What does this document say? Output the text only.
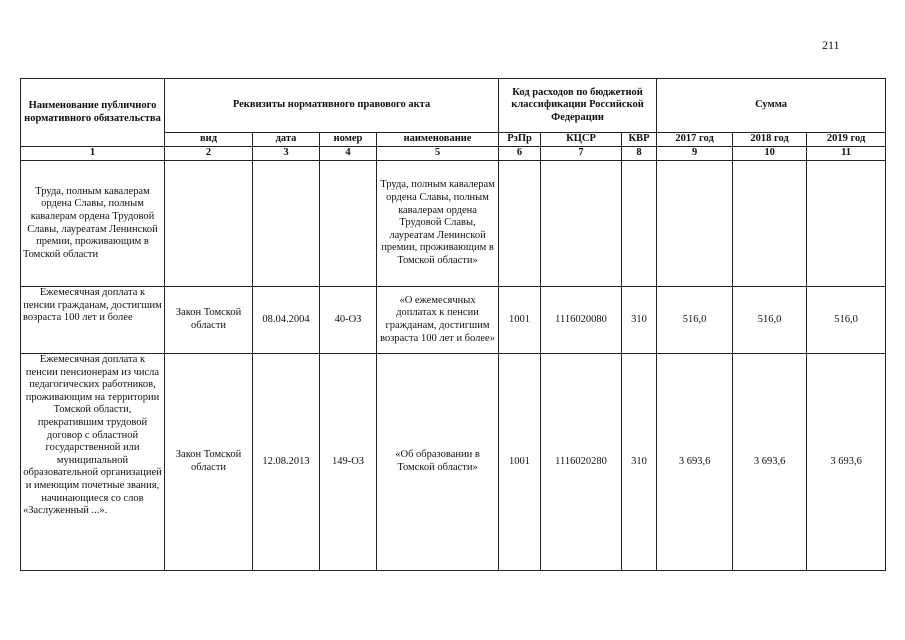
211
Наименование публичного нормативного обязательства	Реквизиты нормативного правового акта				Код расходов по бюджетной классификации Российской Федерации			Сумма		
	вид	дата	номер	наименование	РзПр	КЦСР	КВР	2017 год	2018 год	2019 год
1	2	3	4	5	6	7	8	9	10	11
Труда, полным кавалерам ордена Славы, полным кавалерам ордена Трудовой Славы, лауреатам Ленинской премии, проживающим в Томской области				Труда, полным кавалерам ордена Славы, полным кавалерам ордена Трудовой Славы, лауреатам Ленинской премии, проживающим в Томской области»						
Ежемесячная доплата к пенсии гражданам, достигшим возраста 100 лет и более	Закон Томской области	08.04.2004	40-ОЗ	«О ежемесячных доплатах к пенсии гражданам, достигшим возраста 100 лет и более»	1001	1116020080	310	516,0	516,0	516,0
Ежемесячная доплата к пенсии пенсионерам из числа педагогических работников, проживающим на территории Томской области, прекратившим трудовой договор с областной государственной или муниципальной образовательной организацией и имеющим почетные звания, начинающиеся со слов «Заслуженный ...».	Закон Томской области	12.08.2013	149-ОЗ	«Об образовании в Томской области»	1001	1116020280	310	3 693,6	3 693,6	3 693,6
